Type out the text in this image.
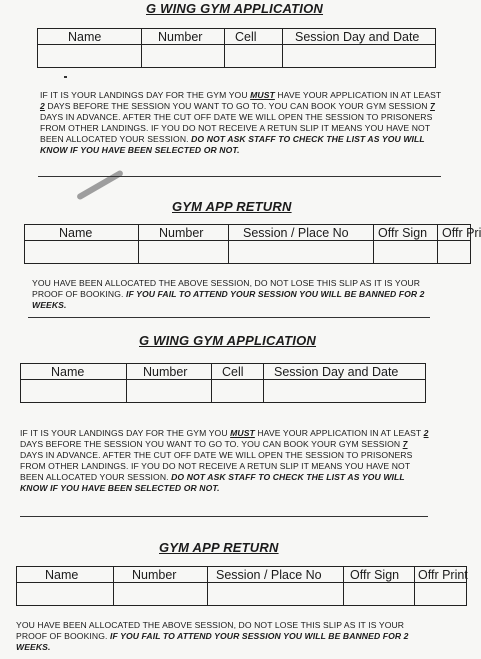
G WING GYM APPLICATION
Name	Number	Cell	Session Day and Date

IF IT IS YOUR LANDINGS DAY FOR THE GYM YOU MUST HAVE YOUR APPLICATION IN AT LEAST 2 DAYS BEFORE THE SESSION YOU WANT TO GO TO. YOU CAN BOOK YOUR GYM SESSION 7 DAYS IN ADVANCE. AFTER THE CUT OFF DATE WE WILL OPEN THE SESSION TO PRISONERS FROM OTHER LANDINGS. IF YOU DO NOT RECEIVE A RETUN SLIP IT MEANS YOU HAVE NOT BEEN ALLOCATED YOUR SESSION. DO NOT ASK STAFF TO CHECK THE LIST AS YOU WILL KNOW IF YOU HAVE BEEN SELECTED OR NOT.
GYM APP RETURN
Name	Number	Session / Place No	Offr Sign	Offr Pri

YOU HAVE BEEN ALLOCATED THE ABOVE SESSION, DO NOT LOSE THIS SLIP AS IT IS YOUR PROOF OF BOOKING. IF YOU FAIL TO ATTEND YOUR SESSION YOU WILL BE BANNED FOR 2 WEEKS.
G WING GYM APPLICATION
Name	Number	Cell	Session Day and Date

IF IT IS YOUR LANDINGS DAY FOR THE GYM YOU MUST HAVE YOUR APPLICATION IN AT LEAST 2 DAYS BEFORE THE SESSION YOU WANT TO GO TO. YOU CAN BOOK YOUR GYM SESSION 7 DAYS IN ADVANCE. AFTER THE CUT OFF DATE WE WILL OPEN THE SESSION TO PRISONERS FROM OTHER LANDINGS. IF YOU DO NOT RECEIVE A RETUN SLIP IT MEANS YOU HAVE NOT BEEN ALLOCATED YOUR SESSION. DO NOT ASK STAFF TO CHECK THE LIST AS YOU WILL KNOW IF YOU HAVE BEEN SELECTED OR NOT.
GYM APP RETURN
Name	Number	Session / Place No	Offr Sign	Offr Print

YOU HAVE BEEN ALLOCATED THE ABOVE SESSION, DO NOT LOSE THIS SLIP AS IT IS YOUR PROOF OF BOOKING. IF YOU FAIL TO ATTEND YOUR SESSION YOU WILL BE BANNED FOR 2 WEEKS.
